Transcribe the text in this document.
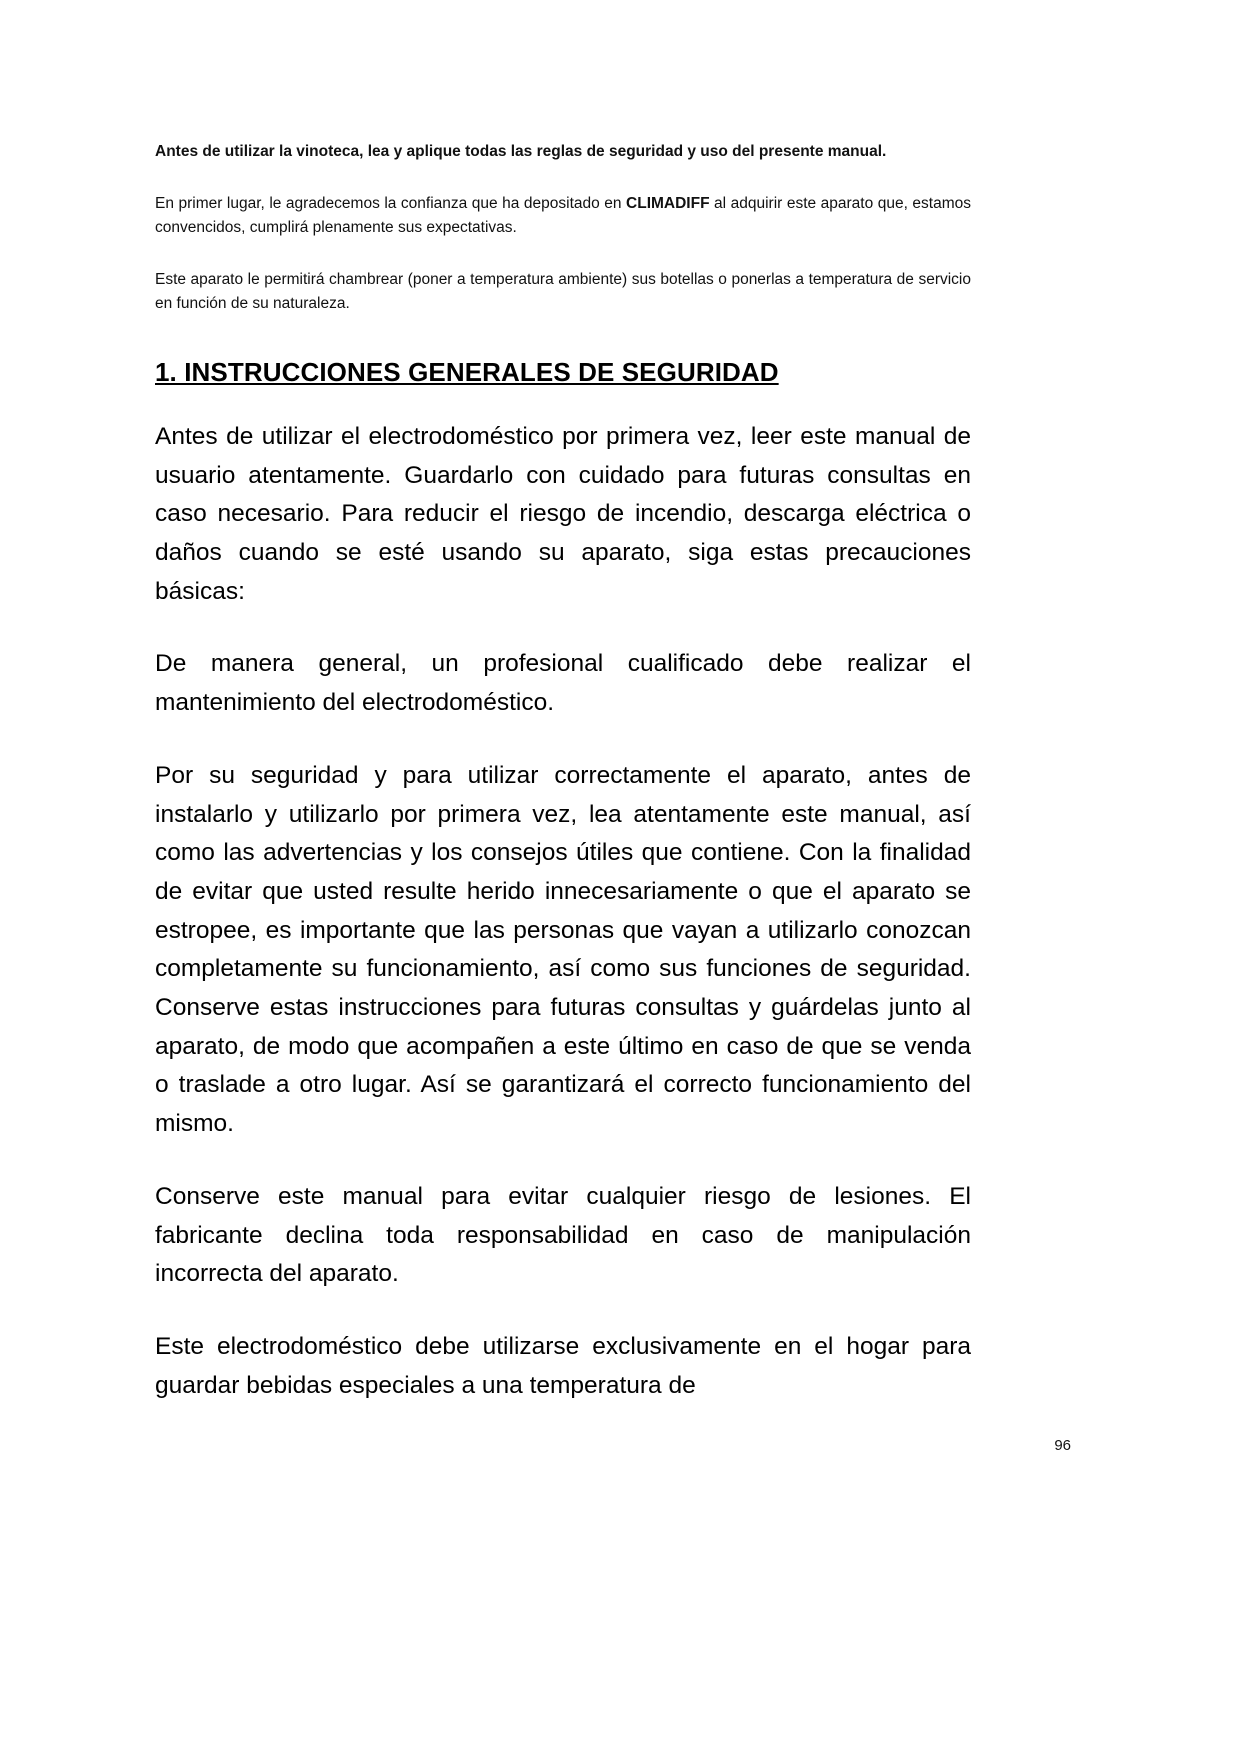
Antes de utilizar la vinoteca, lea y aplique todas las reglas de seguridad y uso del presente manual.

En primer lugar, le agradecemos la confianza que ha depositado en CLIMADIFF al adquirir este aparato que, estamos convencidos, cumplirá plenamente sus expectativas.

Este aparato le permitirá chambrear (poner a temperatura ambiente) sus botellas o ponerlas a temperatura de servicio en función de su naturaleza.

1. INSTRUCCIONES GENERALES DE SEGURIDAD

Antes de utilizar el electrodoméstico por primera vez, leer este manual de usuario atentamente. Guardarlo con cuidado para futuras consultas en caso necesario. Para reducir el riesgo de incendio, descarga eléctrica o daños cuando se esté usando su aparato, siga estas precauciones básicas:

De manera general, un profesional cualificado debe realizar el mantenimiento del electrodoméstico.

Por su seguridad y para utilizar correctamente el aparato, antes de instalarlo y utilizarlo por primera vez, lea atentamente este manual, así como las advertencias y los consejos útiles que contiene. Con la finalidad de evitar que usted resulte herido innecesariamente o que el aparato se estropee, es importante que las personas que vayan a utilizarlo conozcan completamente su funcionamiento, así como sus funciones de seguridad. Conserve estas instrucciones para futuras consultas y guárdelas junto al aparato, de modo que acompañen a este último en caso de que se venda o traslade a otro lugar. Así se garantizará el correcto funcionamiento del mismo.

Conserve este manual para evitar cualquier riesgo de lesiones. El fabricante declina toda responsabilidad en caso de manipulación incorrecta del aparato.

Este electrodoméstico debe utilizarse exclusivamente en el hogar para guardar bebidas especiales a una temperatura de

96
